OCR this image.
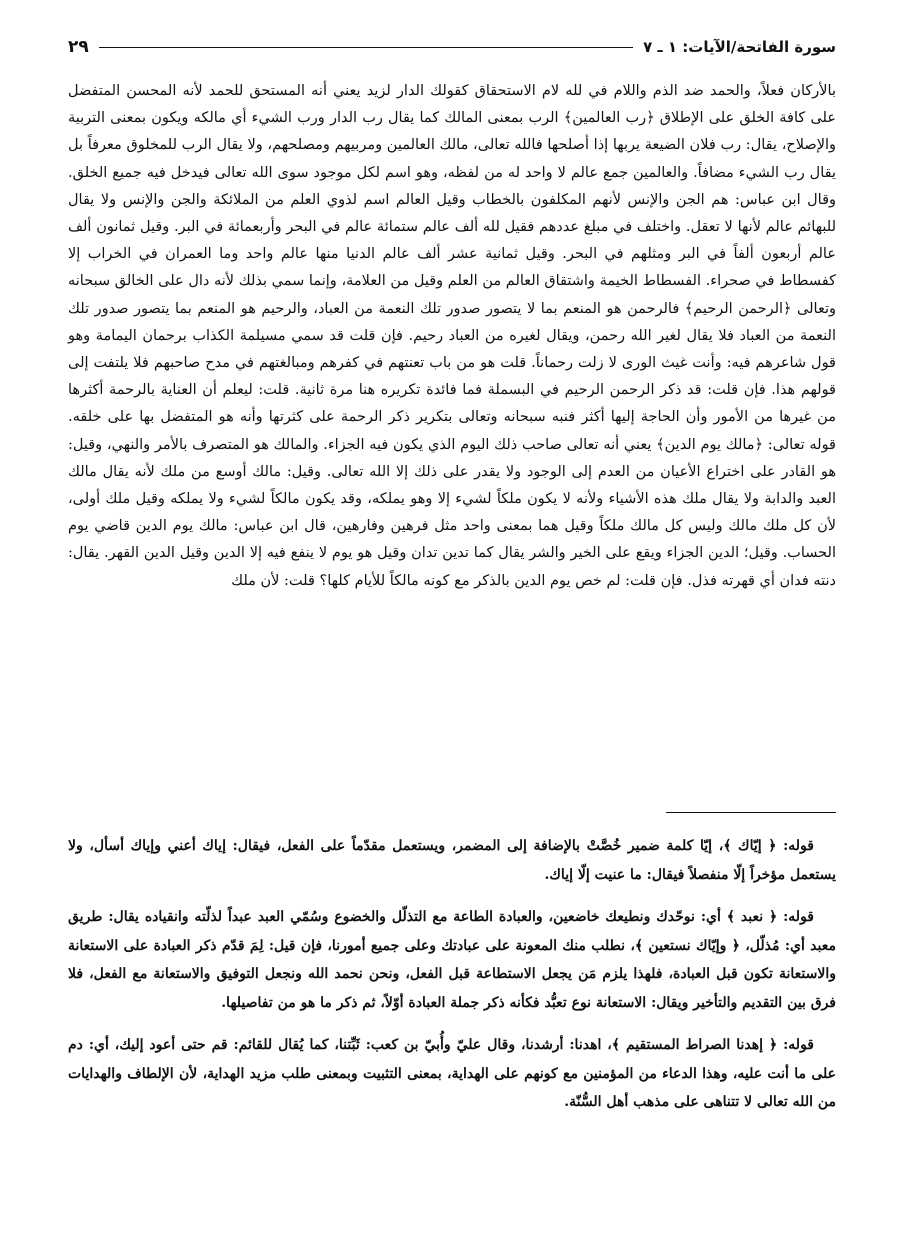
سورة الفاتحة/الآيات: ١ ـ ٧
٢٩

بالأركان فعلاً، والحمد ضد الذم واللام في لله لام الاستحقاق كقولك الدار لزيد يعني أنه المستحق للحمد لأنه المحسن المتفضل على كافة الخلق على الإطلاق ﴿رب العالمين﴾ الرب بمعنى المالك كما يقال رب الدار ورب الشيء أي مالكه ويكون بمعنى التربية والإصلاح، يقال: رب فلان الضيعة يربها إذا أصلحها فالله تعالى، مالك العالمين ومربيهم ومصلحهم، ولا يقال الرب للمخلوق معرفاً بل يقال رب الشيء مضافاً. والعالمين جمع عالم لا واحد له من لفظه، وهو اسم لكل موجود سوى الله تعالى فيدخل فيه جميع الخلق. وقال ابن عباس: هم الجن والإنس لأنهم المكلفون بالخطاب وقيل العالم اسم لذوي العلم من الملائكة والجن والإنس ولا يقال للبهائم عالم لأنها لا تعقل. واختلف في مبلغ عددهم فقيل لله ألف عالم ستمائة عالم في البحر وأربعمائة في البر. وقيل ثمانون ألف عالم أربعون ألفاً في البر ومثلهم في البحر. وقيل ثمانية عشر ألف عالم الدنيا منها عالم واحد وما العمران في الخراب إلا كفسطاط في صحراء. الفسطاط الخيمة واشتقاق العالم من العلم وقيل من العلامة، وإنما سمي بذلك لأنه دال على الخالق سبحانه وتعالى ﴿الرحمن الرحيم﴾ فالرحمن هو المنعم بما لا يتصور صدور تلك النعمة من العباد، والرحيم هو المنعم بما يتصور صدور تلك النعمة من العباد فلا يقال لغير الله رحمن، ويقال لغيره من العباد رحيم. فإن قلت قد سمي مسيلمة الكذاب برحمان اليمامة وهو قول شاعرهم فيه: وأنت غيث الورى لا زلت رحماناً. قلت هو من باب تعنتهم في كفرهم ومبالغتهم في مدح صاحبهم فلا يلتفت إلى قولهم هذا. فإن قلت: قد ذكر الرحمن الرحيم في البسملة فما فائدة تكريره هنا مرة ثانية. قلت: ليعلم أن العناية بالرحمة أكثرها من غيرها من الأمور وأن الحاجة إليها أكثر فنبه سبحانه وتعالى بتكرير ذكر الرحمة على كثرتها وأنه هو المتفضل بها على خلقه. قوله تعالى: ﴿مالك يوم الدين﴾ يعني أنه تعالى صاحب ذلك اليوم الذي يكون فيه الجزاء. والمالك هو المتصرف بالأمر والنهي، وقيل: هو القادر على اختراع الأعيان من العدم إلى الوجود ولا يقدر على ذلك إلا الله تعالى. وقيل: مالك أوسع من ملك لأنه يقال مالك العبد والدابة ولا يقال ملك هذه الأشياء ولأنه لا يكون ملكاً لشيء إلا وهو يملكه، وقد يكون مالكاً لشيء ولا يملكه وقيل ملك أولى، لأن كل ملك مالك وليس كل مالك ملكاً وقيل هما بمعنى واحد مثل فرهين وفارهين، قال ابن عباس: مالك يوم الدين قاضي يوم الحساب. وقيل؛ الدين الجزاء ويقع على الخير والشر يقال كما تدين تدان وقيل هو يوم لا ينفع فيه إلا الدين وقيل الدين القهر. يقال: دنته فدان أي قهرته فذل. فإن قلت: لم خص يوم الدين بالذكر مع كونه مالكاً للأيام كلها؟ قلت: لأن ملك

قوله: ﴿ إيّاك ﴾، إيّا كلمة ضمير خُصَّتْ بالإضافة إلى المضمر، ويستعمل مقدّماً على الفعل، فيقال: إياك أعني وإياك أسأل، ولا يستعمل مؤخراً إلّا منفصلاً فيقال: ما عنيت إلّا إياك.

قوله: ﴿ نعبد ﴾ أي: نوحّدك ونطيعك خاضعين، والعبادة الطاعة مع التذلّل والخضوع وسُمّي العبد عبداً لذلّته وانقياده يقال: طريق معبد أي: مُذلّل، ﴿ وإيّاك نستعين ﴾، نطلب منك المعونة على عبادتك وعلى جميع أمورنا، فإن قيل: لِمَ قدّم ذكر العبادة على الاستعانة والاستعانة تكون قبل العبادة، فلهذا يلزم مَن يجعل الاستطاعة قبل الفعل، ونحن نحمد الله ونجعل التوفيق والاستعانة مع الفعل، فلا فرق بين التقديم والتأخير ويقال: الاستعانة نوع تعبُّد فكأنه ذكر جملة العبادة أوّلاً، ثم ذكر ما هو من تفاصيلها.

قوله: ﴿ إهدنا الصراط المستقيم ﴾، اهدنا: أرشدنا، وقال عليّ وأُبيّ بن كعب: ثَبِّتنا، كما يُقال للقائم: قم حتى أعود إليك، أي: دم على ما أنت عليه، وهذا الدعاء من المؤمنين مع كونهم على الهداية، بمعنى التثبيت وبمعنى طلب مزيد الهداية، لأن الإلطاف والهدايات من الله تعالى لا تتناهى على مذهب أهل السُّنّة.
